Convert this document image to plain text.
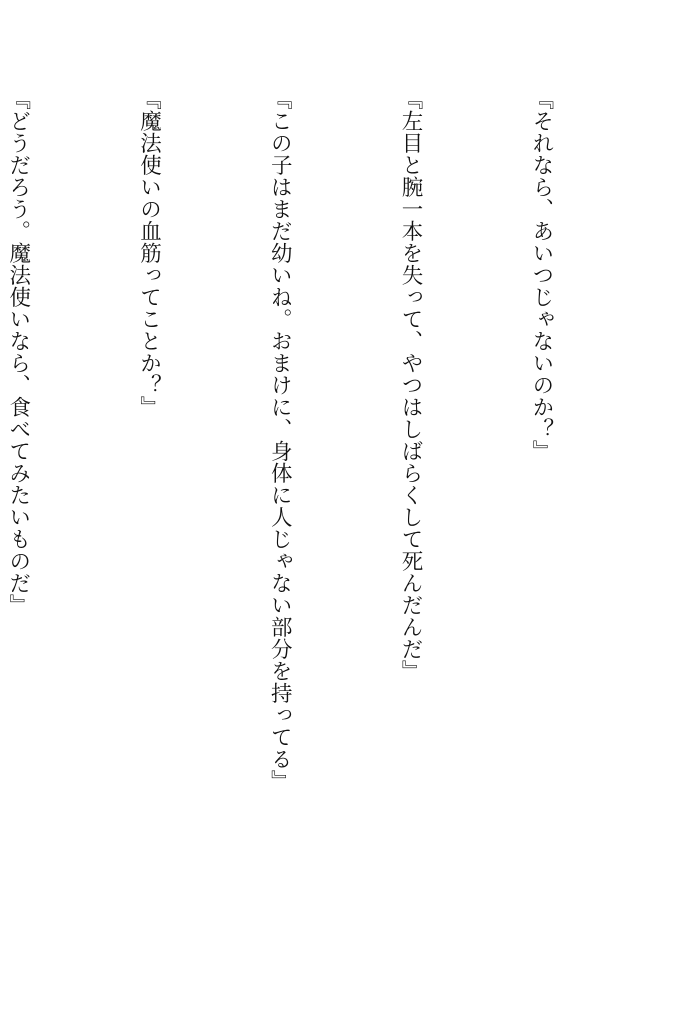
『それなら、あいつじゃないのか？』

『左目と腕一本を失って、やつはしばらくして死んだんだ』

『この子はまだ幼いね。おまけに、身体に人じゃない部分を持ってる』

『魔法使いの血筋ってことか？』

『どうだろう。魔法使いなら、食べてみたいものだ』
